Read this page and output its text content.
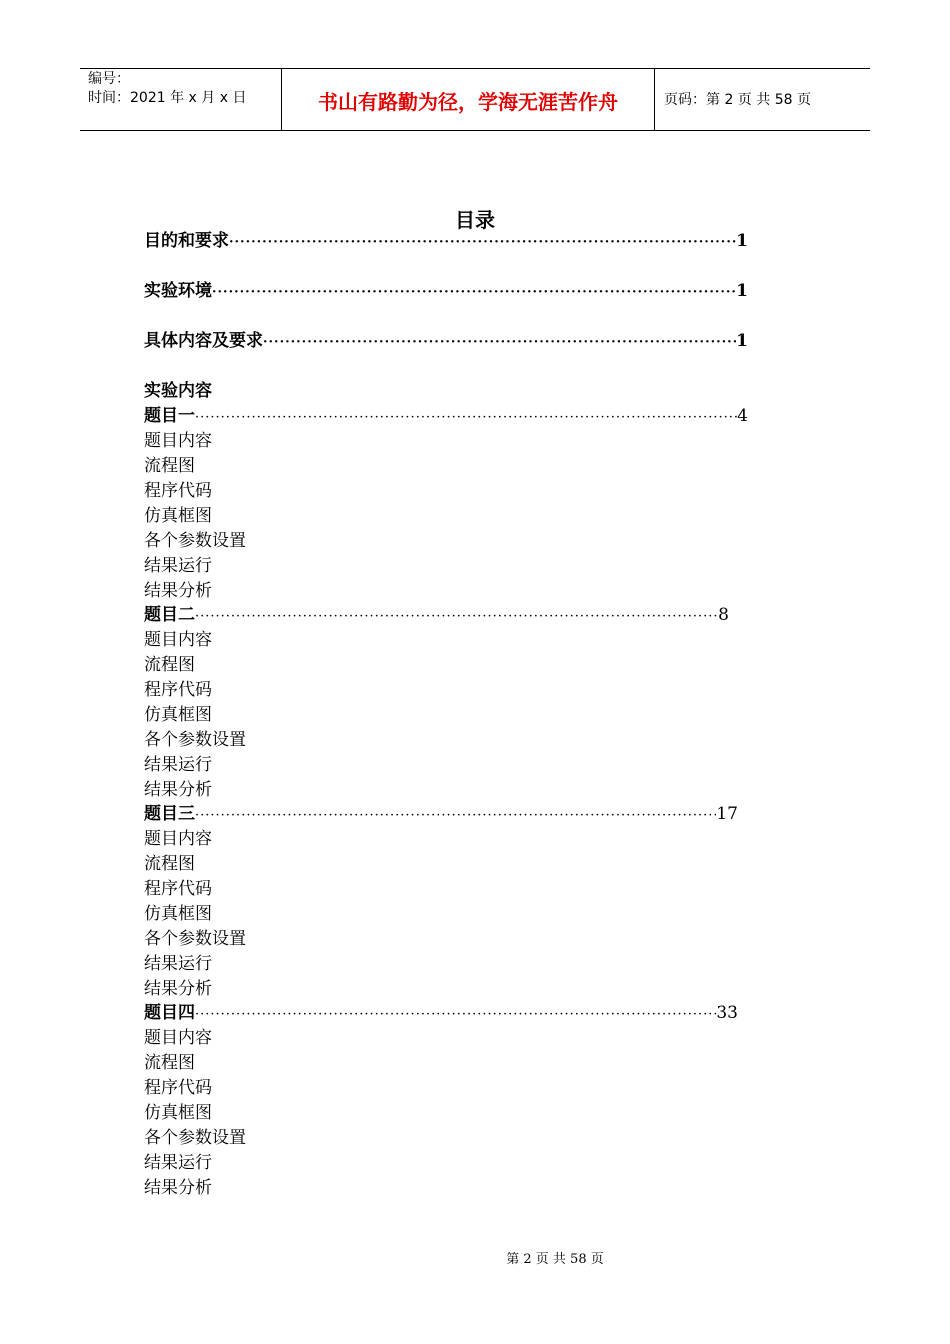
编号：
时间：2021 年 x 月 x 日	书山有路勤为径，学海无涯苦作舟	页码：第 2 页 共 58 页
目录
目的和要求 ·····	1
实验环境 ·····	1
具体内容及要求 ·····	1
实验内容
题目一 ·····	4
题目内容
流程图
程序代码
仿真框图
各个参数设置
结果运行
结果分析
题目二 ·····	8
题目内容
流程图
程序代码
仿真框图
各个参数设置
结果运行
结果分析
题目三 ·····	17
题目内容
流程图
程序代码
仿真框图
各个参数设置
结果运行
结果分析
题目四 ·····	33
题目内容
流程图
程序代码
仿真框图
各个参数设置
结果运行
结果分析
第 2 页 共 58 页
